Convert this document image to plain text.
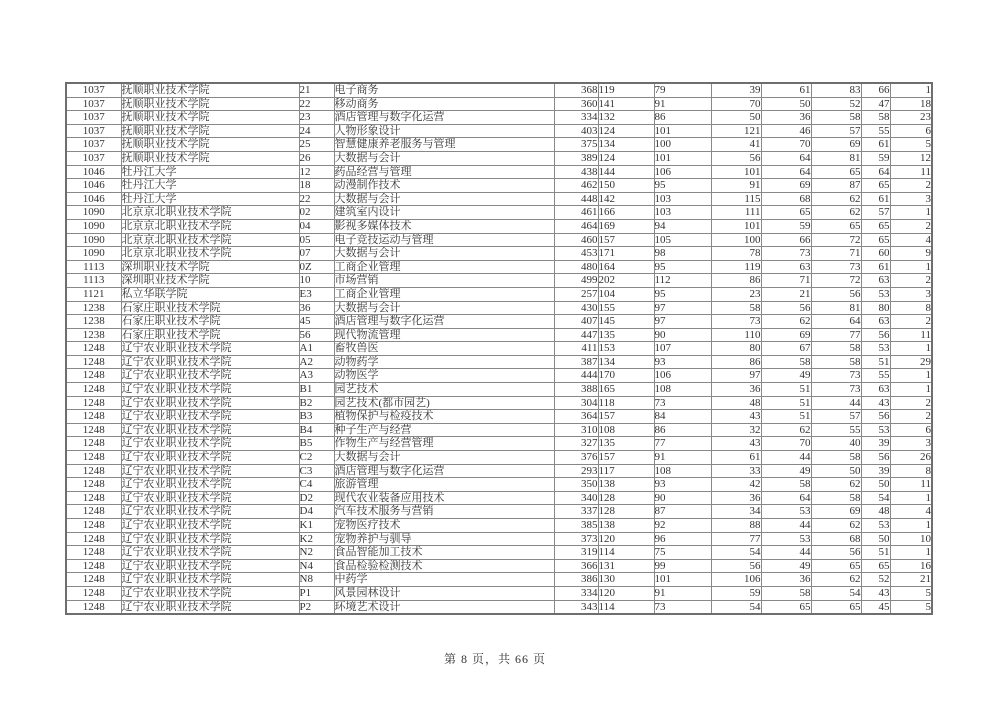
1037	抚顺职业技术学院	21	电子商务	368	119	79	39	61	83	66	1
1037	抚顺职业技术学院	22	移动商务	360	141	91	70	50	52	47	18
1037	抚顺职业技术学院	23	酒店管理与数字化运营	334	132	86	50	36	58	58	23
1037	抚顺职业技术学院	24	人物形象设计	403	124	101	121	46	57	55	6
1037	抚顺职业技术学院	25	智慧健康养老服务与管理	375	134	100	41	70	69	61	5
1037	抚顺职业技术学院	26	大数据与会计	389	124	101	56	64	81	59	12
1046	牡丹江大学	12	药品经营与管理	438	144	106	101	64	65	64	11
1046	牡丹江大学	18	动漫制作技术	462	150	95	91	69	87	65	2
1046	牡丹江大学	22	大数据与会计	448	142	103	115	68	62	61	3
1090	北京京北职业技术学院	02	建筑室内设计	461	166	103	111	65	62	57	1
1090	北京京北职业技术学院	04	影视多媒体技术	464	169	94	101	59	65	65	2
1090	北京京北职业技术学院	05	电子竞技运动与管理	460	157	105	100	66	72	65	4
1090	北京京北职业技术学院	07	大数据与会计	453	171	98	78	73	71	60	9
1113	深圳职业技术学院	0Z	工商企业管理	480	164	95	119	63	73	61	1
1113	深圳职业技术学院	10	市场营销	499	202	112	86	71	72	63	2
1121	私立华联学院	E3	工商企业管理	257	104	95	23	21	56	53	3
1238	石家庄职业技术学院	36	大数据与会计	430	155	97	58	56	81	80	8
1238	石家庄职业技术学院	45	酒店管理与数字化运营	407	145	97	73	62	64	63	2
1238	石家庄职业技术学院	56	现代物流管理	447	135	90	110	69	77	56	11
1248	辽宁农业职业技术学院	A1	畜牧兽医	411	153	107	80	67	58	53	1
1248	辽宁农业职业技术学院	A2	动物药学	387	134	93	86	58	58	51	29
1248	辽宁农业职业技术学院	A3	动物医学	444	170	106	97	49	73	55	1
1248	辽宁农业职业技术学院	B1	园艺技术	388	165	108	36	51	73	63	1
1248	辽宁农业职业技术学院	B2	园艺技术(都市园艺)	304	118	73	48	51	44	43	2
1248	辽宁农业职业技术学院	B3	植物保护与检疫技术	364	157	84	43	51	57	56	2
1248	辽宁农业职业技术学院	B4	种子生产与经营	310	108	86	32	62	55	53	6
1248	辽宁农业职业技术学院	B5	作物生产与经营管理	327	135	77	43	70	40	39	3
1248	辽宁农业职业技术学院	C2	大数据与会计	376	157	91	61	44	58	56	26
1248	辽宁农业职业技术学院	C3	酒店管理与数字化运营	293	117	108	33	49	50	39	8
1248	辽宁农业职业技术学院	C4	旅游管理	350	138	93	42	58	62	50	11
1248	辽宁农业职业技术学院	D2	现代农业装备应用技术	340	128	90	36	64	58	54	1
1248	辽宁农业职业技术学院	D4	汽车技术服务与营销	337	128	87	34	53	69	48	4
1248	辽宁农业职业技术学院	K1	宠物医疗技术	385	138	92	88	44	62	53	1
1248	辽宁农业职业技术学院	K2	宠物养护与驯导	373	120	96	77	53	68	50	10
1248	辽宁农业职业技术学院	N2	食品智能加工技术	319	114	75	54	44	56	51	1
1248	辽宁农业职业技术学院	N4	食品检验检测技术	366	131	99	56	49	65	65	16
1248	辽宁农业职业技术学院	N8	中药学	386	130	101	106	36	62	52	21
1248	辽宁农业职业技术学院	P1	风景园林设计	334	120	91	59	58	54	43	5
1248	辽宁农业职业技术学院	P2	环境艺术设计	343	114	73	54	65	65	45	5
第 8 页，共 66 页
